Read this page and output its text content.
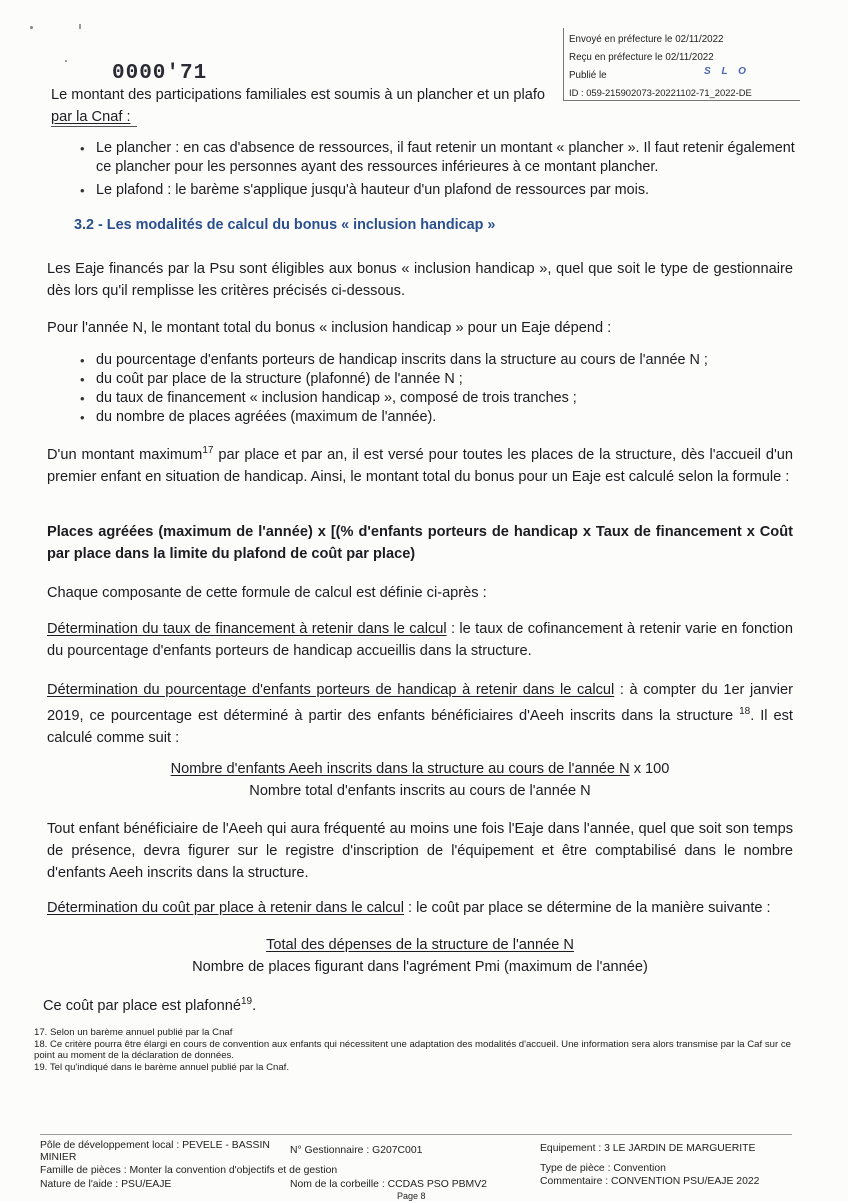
Le montant des participations familiales est soumis à un plancher et un plafo
par la Cnaf :
0000'71
Envoyé en préfecture le 02/11/2022
Reçu en préfecture le 02/11/2022
Publié le	S L O
ID : 059-215902073-20221102-71_2022-DE
• Le plancher : en cas d'absence de ressources, il faut retenir un montant « plancher ». Il faut retenir également ce plancher pour les personnes ayant des ressources inférieures à ce montant plancher.
• Le plafond : le barème s'applique jusqu'à hauteur d'un plafond de ressources par mois.
3.2 - Les modalités de calcul du bonus « inclusion handicap »
Les Eaje financés par la Psu sont éligibles aux bonus « inclusion handicap », quel que soit le type de gestionnaire dès lors qu'il remplisse les critères précisés ci-dessous.
Pour l'année N, le montant total du bonus « inclusion handicap » pour un Eaje dépend :
• du pourcentage d'enfants porteurs de handicap inscrits dans la structure au cours de l'année N ;
• du coût par place de la structure (plafonné) de l'année N ;
• du taux de financement « inclusion handicap », composé de trois tranches ;
• du nombre de places agréées (maximum de l'année).
D'un montant maximum$^{17}$ par place et par an, il est versé pour toutes les places de la structure, dès l'accueil d'un premier enfant en situation de handicap. Ainsi, le montant total du bonus pour un Eaje est calculé selon la formule :
Places agréées (maximum de l'année) x [(% d'enfants porteurs de handicap x Taux de financement x Coût par place dans la limite du plafond de coût par place)
Chaque composante de cette formule de calcul est définie ci-après :
Détermination du taux de financement à retenir dans le calcul : le taux de cofinancement à retenir varie en fonction du pourcentage d'enfants porteurs de handicap accueillis dans la structure.
Détermination du pourcentage d'enfants porteurs de handicap à retenir dans le calcul : à compter du 1er janvier 2019, ce pourcentage est déterminé à partir des enfants bénéficiaires d'Aeeh inscrits dans la structure $^{18}$. Il est calculé comme suit :
Nombre d'enfants Aeeh inscrits dans la structure au cours de l'année N x 100
Nombre total d'enfants inscrits au cours de l'année N
Tout enfant bénéficiaire de l'Aeeh qui aura fréquenté au moins une fois l'Eaje dans l'année, quel que soit son temps de présence, devra figurer sur le registre d'inscription de l'équipement et être comptabilisé dans le nombre d'enfants Aeeh inscrits dans la structure.
Détermination du coût par place à retenir dans le calcul : le coût par place se détermine de la manière suivante :
Total des dépenses de la structure de l'année N
Nombre de places figurant dans l'agrément Pmi (maximum de l'année)
Ce coût par place est plafonné$^{19}$.
17. Selon un barème annuel publié par la Cnaf
18. Ce critère pourra être élargi en cours de convention aux enfants qui nécessitent une adaptation des modalités d'accueil. Une information sera alors transmise par la Caf sur ce point au moment de la déclaration de données.
19. Tel qu'indiqué dans le barème annuel publié par la Cnaf.
Pôle de développement local : PEVELE - BASSIN MINIER
N° Gestionnaire : G207C001	Equipement : 3 LE JARDIN DE MARGUERITE
Famille de pièces : Monter la convention d'objectifs et de gestion	Type de pièce : Convention
Nature de l'aide : PSU/EAJE	Nom de la corbeille : CCDAS PSO PBMV2	Commentaire : CONVENTION PSU/EAJE 2022
Page 8
